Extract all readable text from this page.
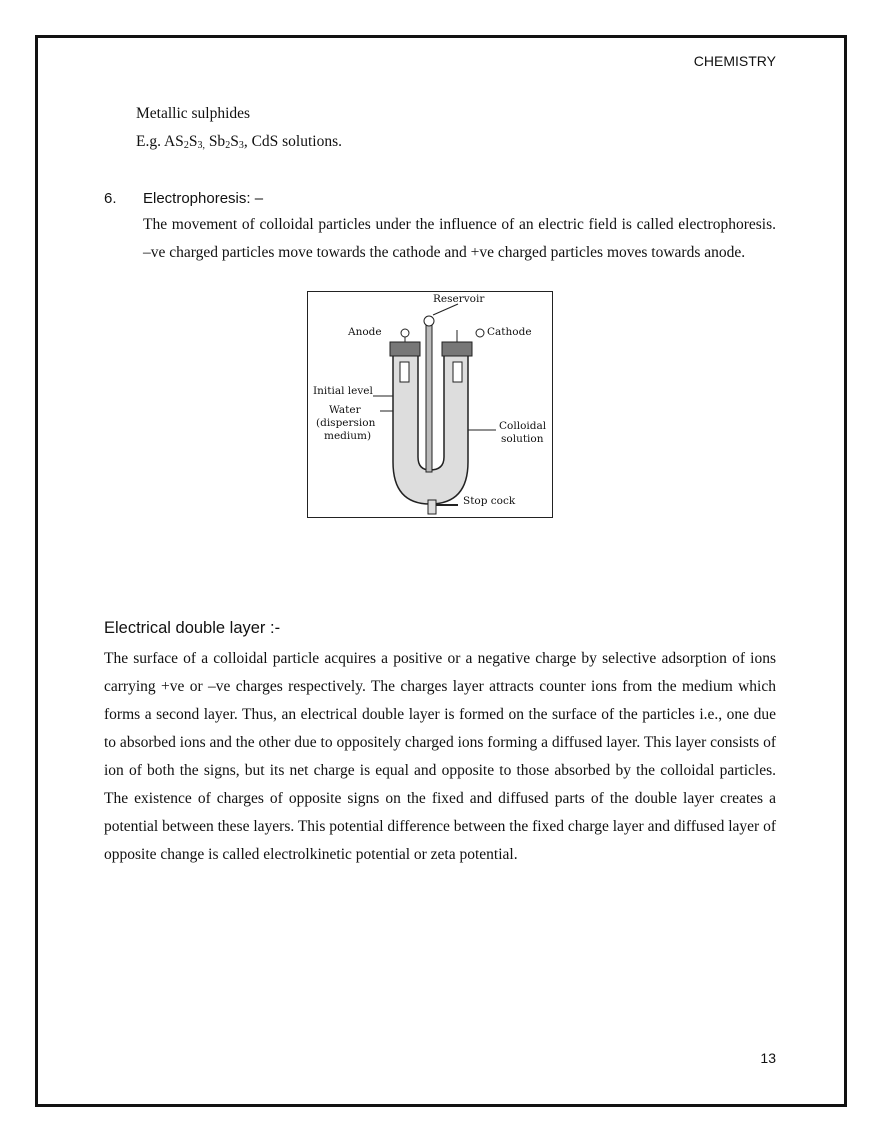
CHEMISTRY
Metallic sulphides
E.g. $AS_2S_{3,}$ $Sb_2S_3$, CdS solutions.
6. Electrophoresis: –
The movement of colloidal particles under the influence of an electric field is called electrophoresis. –ve charged particles move towards the cathode and +ve charged particles moves towards anode.
Reservoir
Anode	Cathode
Initial level
Water
(dispersion
medium)
Colloidal
solution
Stop cock
Electrical double layer :-
The surface of a colloidal particle acquires a positive or a negative charge by selective adsorption of ions carrying +ve or –ve charges respectively. The charges layer attracts counter ions from the medium which forms a second layer. Thus, an electrical double layer is formed on the surface of the particles i.e., one due to absorbed ions and the other due to oppositely charged ions forming a diffused layer. This layer consists of ion of both the signs, but its net charge is equal and opposite to those absorbed by the colloidal particles. The existence of charges of opposite signs on the fixed and diffused parts of the double layer creates a potential between these layers. This potential difference between the fixed charge layer and diffused layer of opposite change is called electrolkinetic potential or zeta potential.
13
